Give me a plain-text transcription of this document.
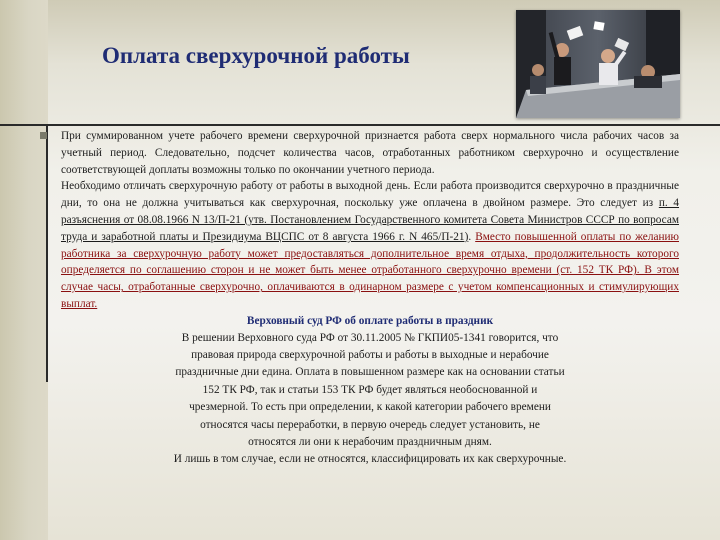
Оплата сверхурочной работы
При суммированном учете рабочего времени сверхурочной признается работа сверх нормального числа рабочих часов за учетный период. Следовательно, подсчет количества часов, отработанных работником сверхурочно и осуществление соответствующей доплаты возможны только по окончании учетного периода.
Необходимо отличать сверхурочную работу от работы в выходной день. Если работа производится сверхурочно в праздничные дни, то она не должна учитываться как сверхурочная, поскольку уже оплачена в двойном размере. Это следует из п. 4 разъяснения от 08.08.1966 N 13/П-21 (утв. Постановлением Государственного комитета Совета Министров СССР по вопросам труда и заработной платы и Президиума ВЦСПС от 8 августа 1966 г. N 465/П-21). Вместо повышенной оплаты по желанию работника за сверхурочную работу может предоставляться дополнительное время отдыха, продолжительность которого определяется по соглашению сторон и не может быть менее отработанного сверхурочно времени (ст. 152 ТК РФ). В этом случае часы, отработанные сверхурочно, оплачиваются в одинарном размере с учетом компенсационных и стимулирующих выплат.
Верховный суд РФ об оплате работы в праздник
В решении Верховного суда РФ от 30.11.2005 № ГКПИ05-1341 говорится, что
правовая природа сверхурочной работы и работы в выходные и нерабочие
праздничные дни едина. Оплата в повышенном размере как на основании статьи
152 ТК РФ, так и статьи 153 ТК РФ будет являться необоснованной и
чрезмерной. То есть при определении, к какой категории рабочего времени
относятся часы переработки, в первую очередь следует установить, не
относятся ли они к нерабочим праздничным дням.
И лишь в том случае, если не относятся, классифицировать их как сверхурочные.
